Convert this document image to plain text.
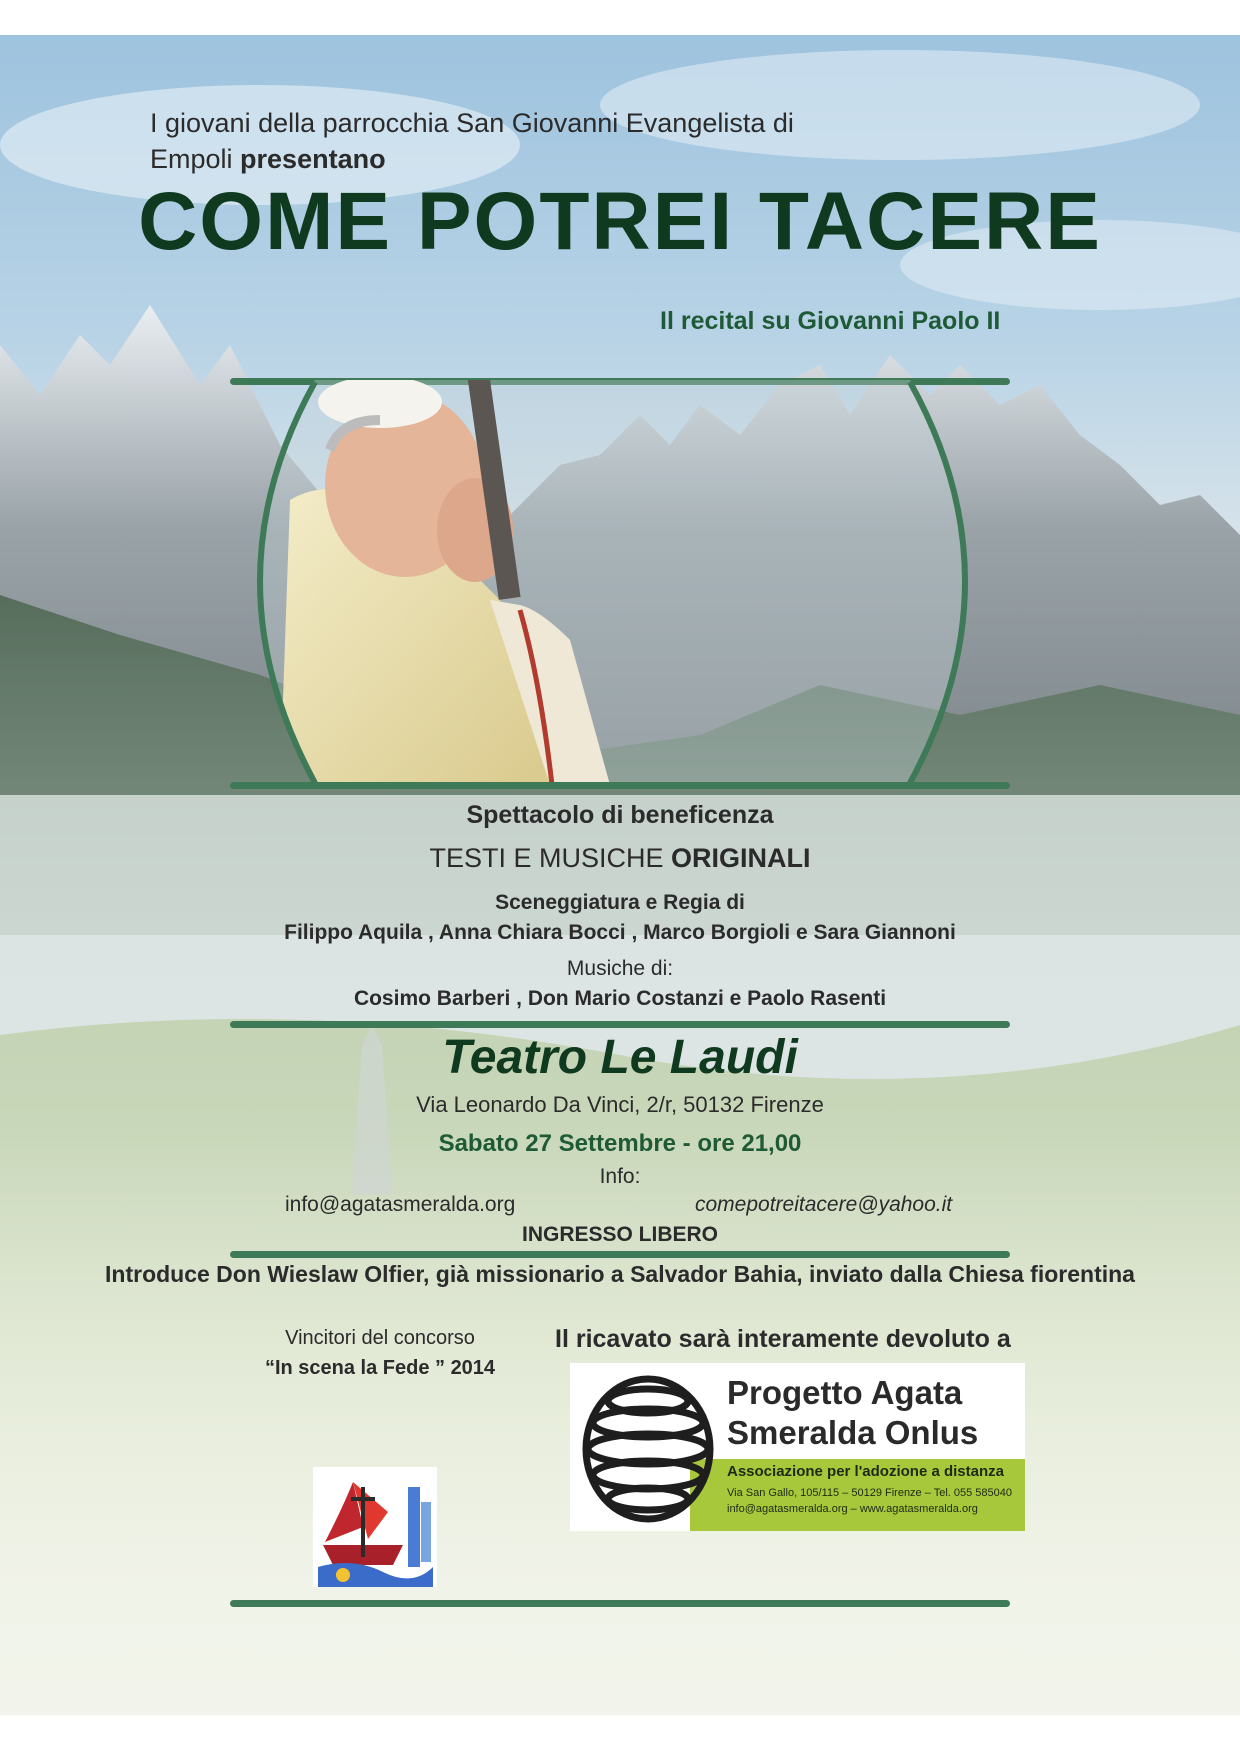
I giovani della parrocchia San Giovanni Evangelista di
Empoli presentano
COME POTREI TACERE
Il recital su Giovanni Paolo II
Spettacolo di beneficenza
TESTI E MUSICHE ORIGINALI
Sceneggiatura e Regia di
Filippo Aquila , Anna Chiara Bocci , Marco Borgioli e Sara Giannoni
Musiche di:
Cosimo Barberi , Don Mario Costanzi e Paolo Rasenti
Teatro Le Laudi
Via Leonardo Da Vinci, 2/r, 50132 Firenze
Sabato 27 Settembre - ore 21,00
Info:
info@agatasmeralda.org	comepotreitacere@yahoo.it
INGRESSO LIBERO
Introduce Don Wieslaw Olfier, già missionario a Salvador Bahia, inviato dalla Chiesa fiorentina
Vincitori del concorso
“In scena la Fede ” 2014
Il ricavato sarà interamente devoluto a
Progetto Agata
Smeralda Onlus
Associazione per l'adozione a distanza
Via San Gallo, 105/115 – 50129 Firenze – Tel. 055 585040
info@agatasmeralda.org – www.agatasmeralda.org
